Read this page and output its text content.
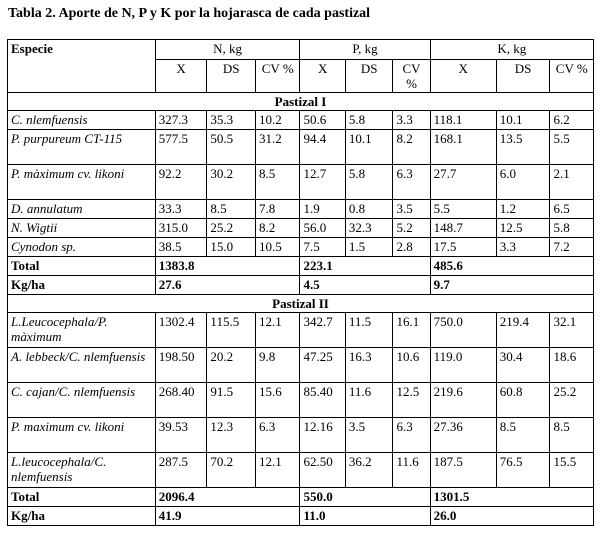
Tabla 2. Aporte de N, P y K por la hojarasca de cada pastizal
Especie	N, kg			P, kg			K, kg		
	X	DS	CV %	X	DS	CV %	X	DS	CV %
Pastizal I									
C. nlemfuensis	327.3	35.3	10.2	50.6	5.8	3.3	118.1	10.1	6.2
P. purpureum CT-115	577.5	50.5	31.2	94.4	10.1	8.2	168.1	13.5	5.5
P. màximum cv. likoni	92.2	30.2	8.5	12.7	5.8	6.3	27.7	6.0	2.1
D. annulatum	33.3	8.5	7.8	1.9	0.8	3.5	5.5	1.2	6.5
N. Wigtii	315.0	25.2	8.2	56.0	32.3	5.2	148.7	12.5	5.8
Cynodon sp.	38.5	15.0	10.5	7.5	1.5	2.8	17.5	3.3	7.2
Total	1383.8			223.1			485.6		
Kg/ha	27.6			4.5			9.7		
Pastizal II									
L.Leucocephala/P. màximum	1302.4	115.5	12.1	342.7	11.5	16.1	750.0	219.4	32.1
A. lebbeck/C. nlemfuensis	198.50	20.2	9.8	47.25	16.3	10.6	119.0	30.4	18.6
C. cajan/C. nlemfuensis	268.40	91.5	15.6	85.40	11.6	12.5	219.6	60.8	25.2
P. maximum cv. likoni	39.53	12.3	6.3	12.16	3.5	6.3	27.36	8.5	8.5
L.leucocephala/C. nlemfuensis	287.5	70.2	12.1	62.50	36.2	11.6	187.5	76.5	15.5
Total	2096.4			550.0			1301.5		
Kg/ha	41.9			11.0			26.0		
